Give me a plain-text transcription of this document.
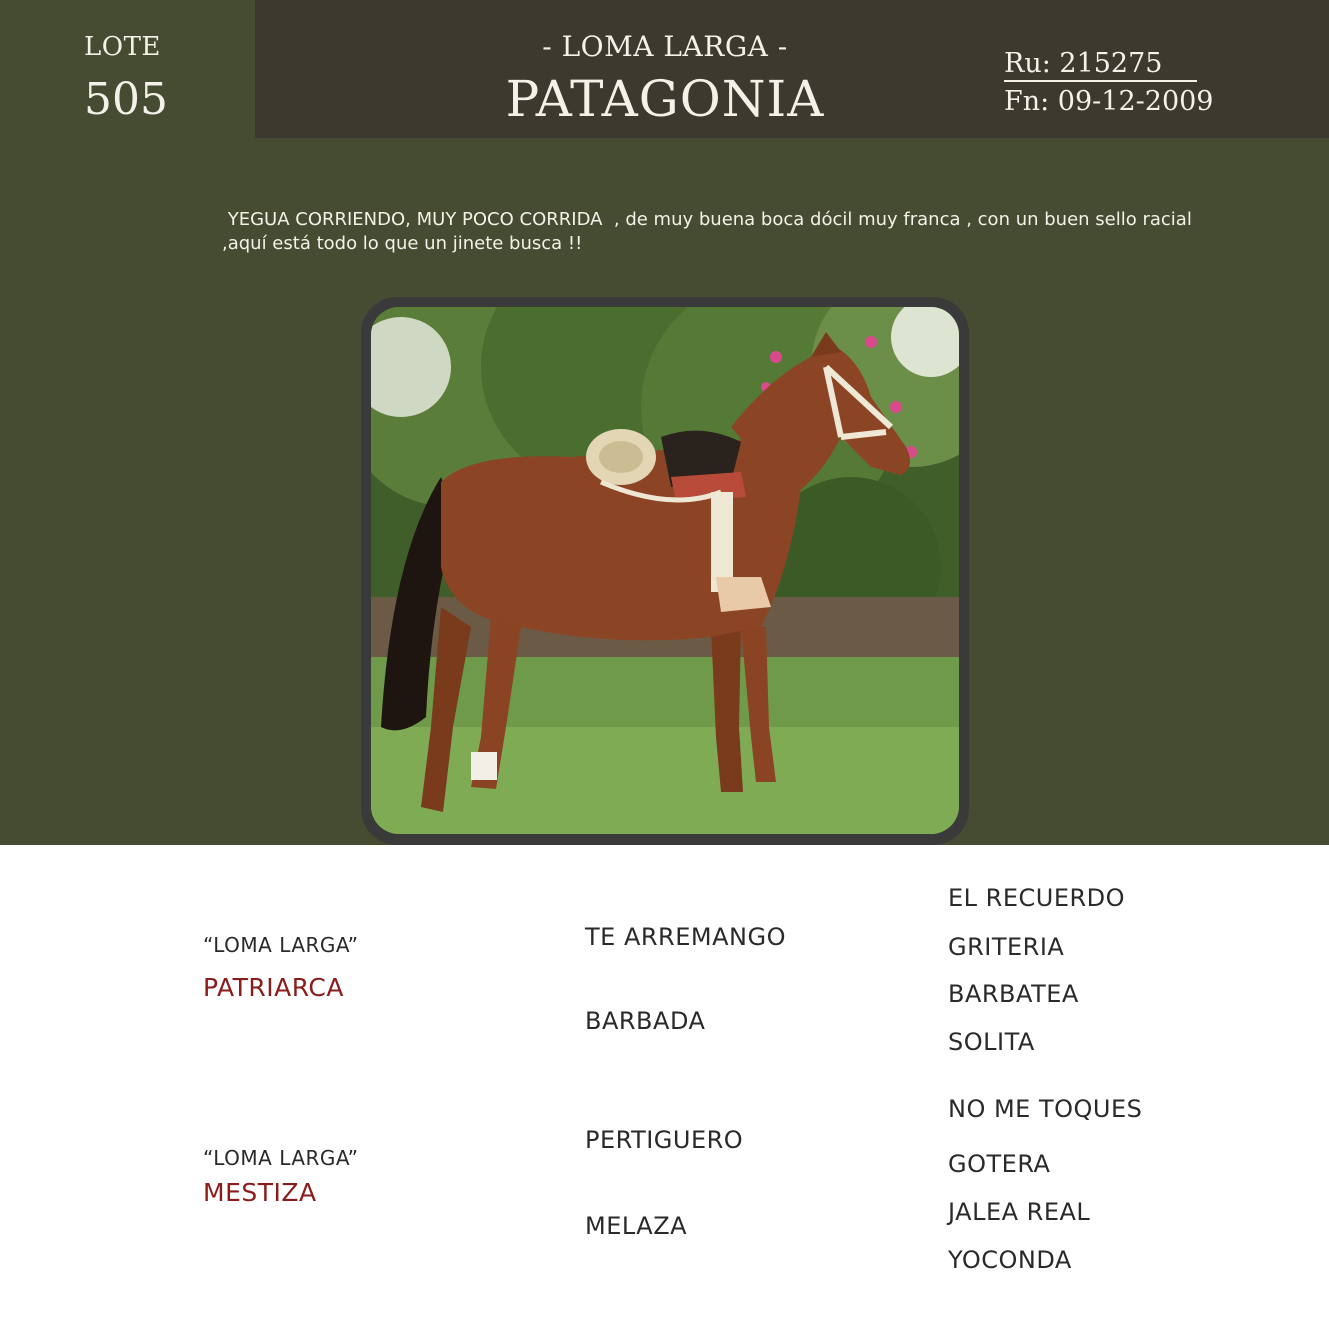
LOTE
505
- LOMA LARGA -
PATAGONIA
Ru: 215275
Fn: 09-12-2009
YEGUA CORRIENDO, MUY POCO CORRIDA  , de muy buena boca dócil muy franca , con un buen sello racial
,aquí está todo lo que un jinete busca !!
“LOMA LARGA”
PATRIARCA
“LOMA LARGA”
MESTIZA
TE ARREMANGO
BARBADA
PERTIGUERO
MELAZA
EL RECUERDO
GRITERIA
BARBATEA
SOLITA
NO ME TOQUES
GOTERA
JALEA REAL
YOCONDA
